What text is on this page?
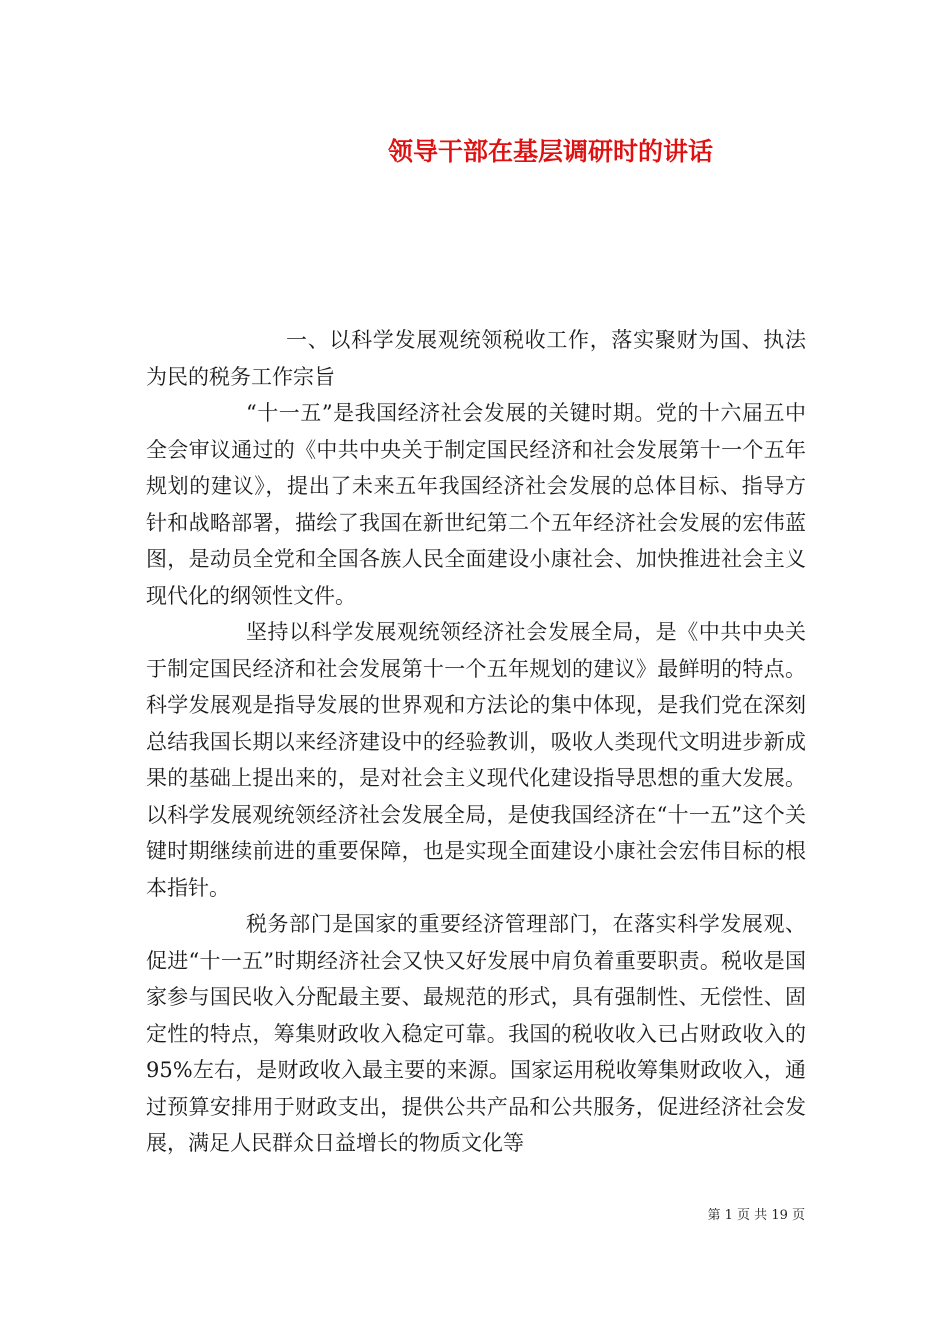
领导干部在基层调研时的讲话

一、以科学发展观统领税收工作，落实聚财为国、执法为民的税务工作宗旨

“十一五”是我国经济社会发展的关键时期。党的十六届五中全会审议通过的《中共中央关于制定国民经济和社会发展第十一个五年规划的建议》，提出了未来五年我国经济社会发展的总体目标、指导方针和战略部署，描绘了我国在新世纪第二个五年经济社会发展的宏伟蓝图，是动员全党和全国各族人民全面建设小康社会、加快推进社会主义现代化的纲领性文件。

坚持以科学发展观统领经济社会发展全局，是《中共中央关于制定国民经济和社会发展第十一个五年规划的建议》最鲜明的特点。科学发展观是指导发展的世界观和方法论的集中体现，是我们党在深刻总结我国长期以来经济建设中的经验教训，吸收人类现代文明进步新成果的基础上提出来的，是对社会主义现代化建设指导思想的重大发展。以科学发展观统领经济社会发展全局，是使我国经济在“十一五”这个关键时期继续前进的重要保障，也是实现全面建设小康社会宏伟目标的根本指针。

税务部门是国家的重要经济管理部门，在落实科学发展观、促进“十一五”时期经济社会又快又好发展中肩负着重要职责。税收是国家参与国民收入分配最主要、最规范的形式，具有强制性、无偿性、固定性的特点，筹集财政收入稳定可靠。我国的税收收入已占财政收入的95%左右，是财政收入最主要的来源。国家运用税收筹集财政收入，通过预算安排用于财政支出，提供公共产品和公共服务，促进经济社会发展，满足人民群众日益增长的物质文化等

第 1 页 共 19 页
